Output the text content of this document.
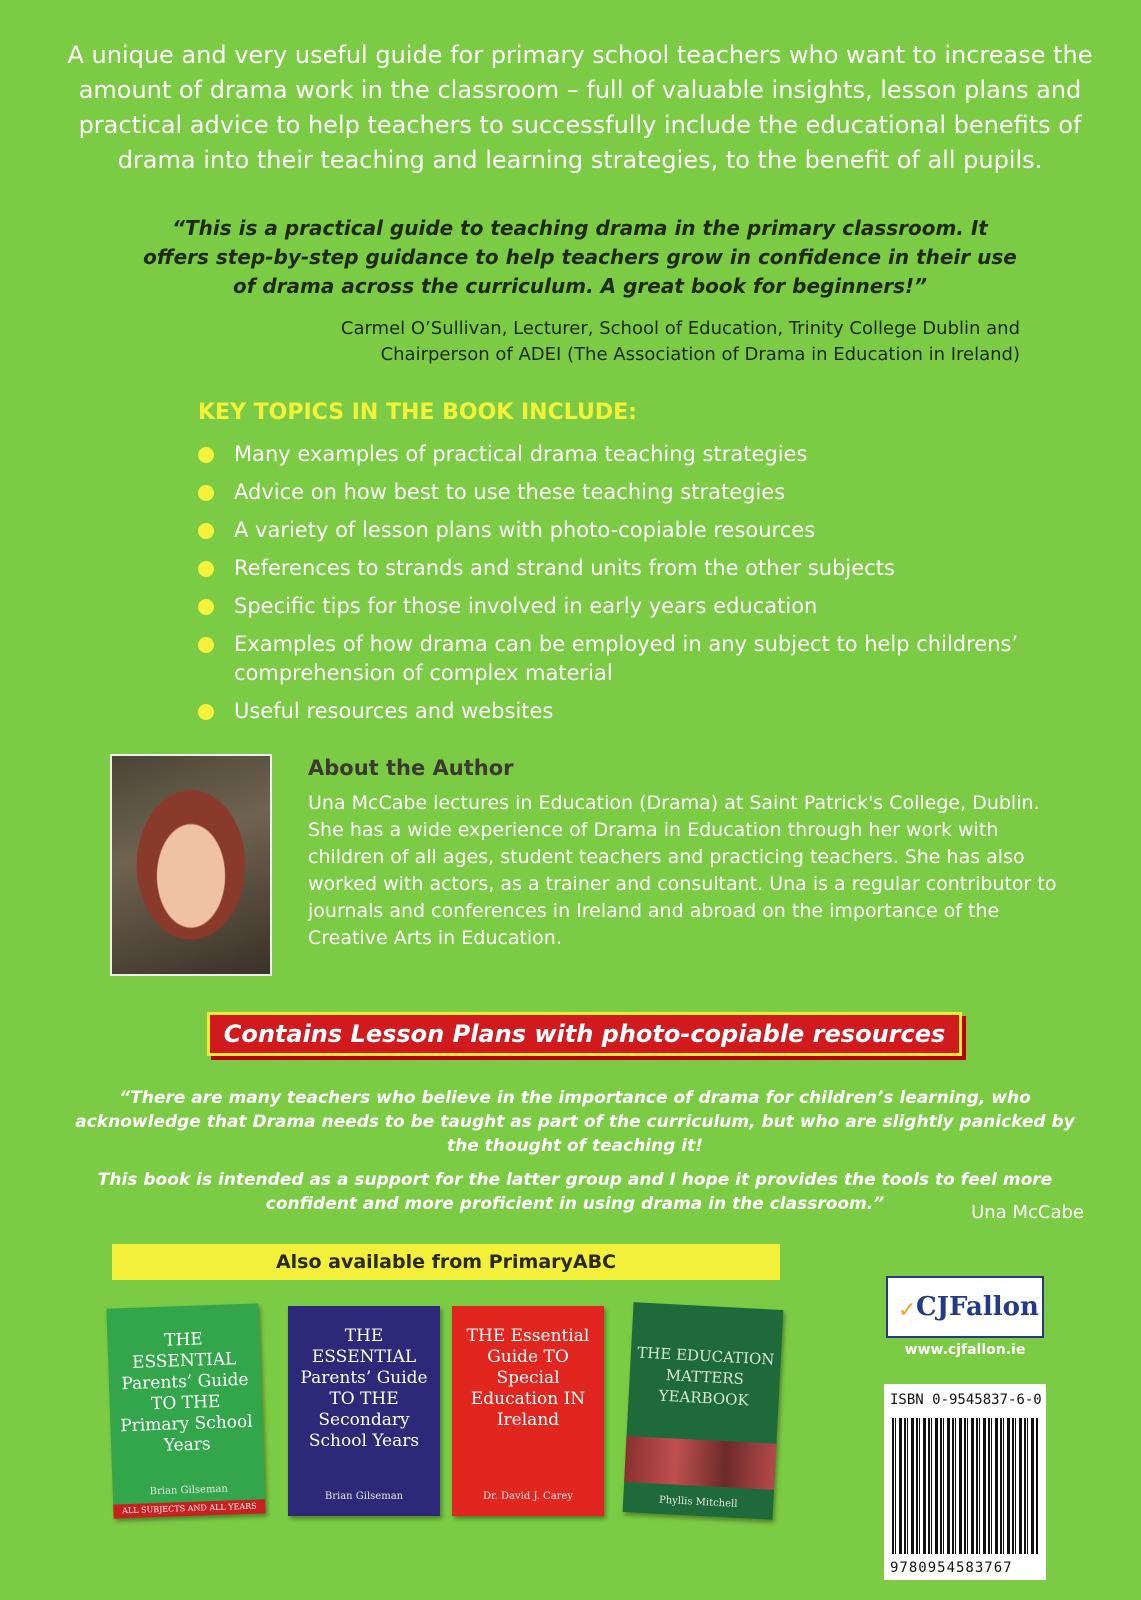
A unique and very useful guide for primary school teachers who want to increase the amount of drama work in the classroom – full of valuable insights, lesson plans and practical advice to help teachers to successfully include the educational benefits of drama into their teaching and learning strategies, to the benefit of all pupils.
“This is a practical guide to teaching drama in the primary classroom. It offers step-by-step guidance to help teachers grow in confidence in their use of drama across the curriculum. A great book for beginners!”
Carmel O’Sullivan, Lecturer, School of Education, Trinity College Dublin and
Chairperson of ADEI (The Association of Drama in Education in Ireland)
KEY TOPICS IN THE BOOK INCLUDE:
Many examples of practical drama teaching strategies
Advice on how best to use these teaching strategies
A variety of lesson plans with photo-copiable resources
References to strands and strand units from the other subjects
Specific tips for those involved in early years education
Examples of how drama can be employed in any subject to help childrens’ comprehension of complex material
Useful resources and websites
About the Author

Una McCabe lectures in Education (Drama) at Saint Patrick's College, Dublin. She has a wide experience of Drama in Education through her work with children of all ages, student teachers and practicing teachers. She has also worked with actors, as a trainer and consultant. Una is a regular contributor to journals and conferences in Ireland and abroad on the importance of the Creative Arts in Education.

Contains Lesson Plans with photo-copiable resources

“There are many teachers who believe in the importance of drama for children’s learning, who acknowledge that Drama needs to be taught as part of the curriculum, but who are slightly panicked by the thought of teaching it!

This book is intended as a support for the latter group and I hope it provides the tools to feel more confident and more proficient in using drama in the classroom.”	Una McCabe
Also available from PrimaryABC
THE ESSENTIAL Parents’ Guide TO THE Primary School Years
Brian Gilseman
ALL SUBJECTS AND ALL YEARS
THE ESSENTIAL Parents’ Guide TO THE Secondary School Years
Brian Gilseman
THE Essential Guide TO Special Education IN Ireland
Dr. David J. Carey
THE EDUCATION MATTERS YEARBOOK
Phyllis Mitchell
✓ CJFallon
www.cjfallon.ie
ISBN 0-9545837-6-0
9780954583767
